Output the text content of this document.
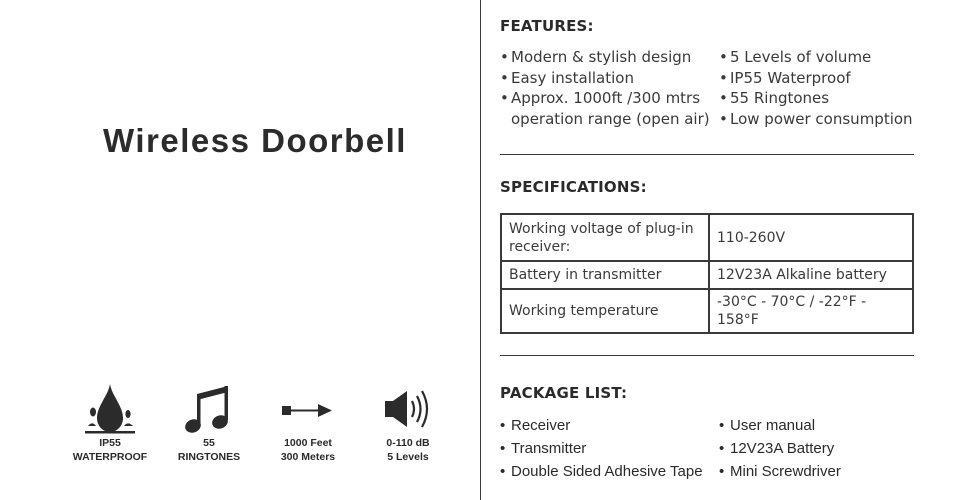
Wireless Doorbell
IP55
WATERPROOF
55
RINGTONES
1000 Feet
300 Meters
0-110 dB
5 Levels
FEATURES:
• Modern & stylish design
• Easy installation
• Approx. 1000ft /300 mtrs operation range (open air)
• 5 Levels of volume
• IP55 Waterproof
• 55 Ringtones
• Low power consumption
SPECIFICATIONS:
Working voltage of plug-in receiver:	110-260V
Battery in transmitter	12V23A Alkaline battery
Working temperature	-30°C - 70°C / -22°F - 158°F
PACKAGE LIST:
• Receiver
• Transmitter
• Double Sided Adhesive Tape
• User manual
• 12V23A Battery
• Mini Screwdriver
